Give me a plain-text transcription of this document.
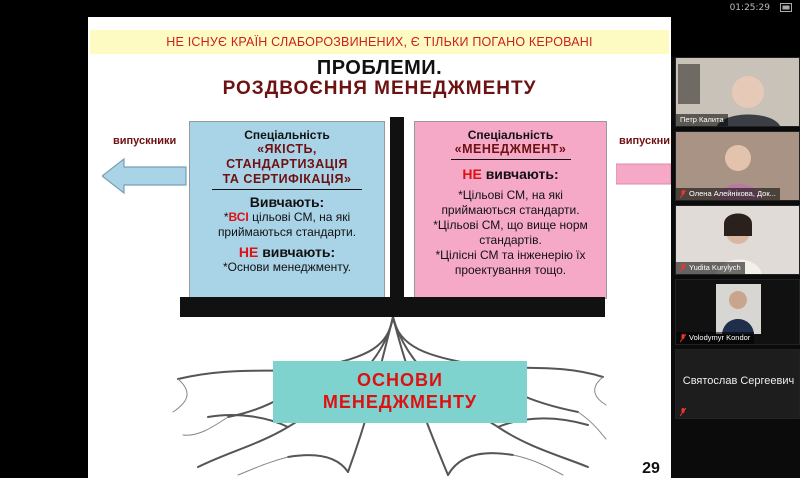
01:25:29
НЕ ІСНУЄ КРАЇН СЛАБОРОЗВИНЕНИХ, Є ТІЛЬКИ ПОГАНО КЕРОВАНІ
ПРОБЛЕМИ.
РОЗДВОЄННЯ МЕНЕДЖМЕНТУ
випускники	випускни
Спеціальність
«ЯКІСТЬ,
СТАНДАРТИЗАЦІЯ
ТА СЕРТИФІКАЦІЯ»
Вивчають:
*ВСІ цільові СМ, на які
приймаються стандарти.
НЕ вивчають:
*Основи менеджменту.
Спеціальність
«МЕНЕДЖМЕНТ»
НЕ вивчають:
*Цільові СМ, на які
приймаються стандарти.
*Цільові СМ, що вище норм
стандартів.
*Цілісні СМ та інженерію їх
проектування тощо.
ОСНОВИ
МЕНЕДЖМЕНТУ
29
Петр Калита
Олена Алейнікова, Док...
Yudita Kurylych
Volodymyr Kondor
Святослав Сергеевич
